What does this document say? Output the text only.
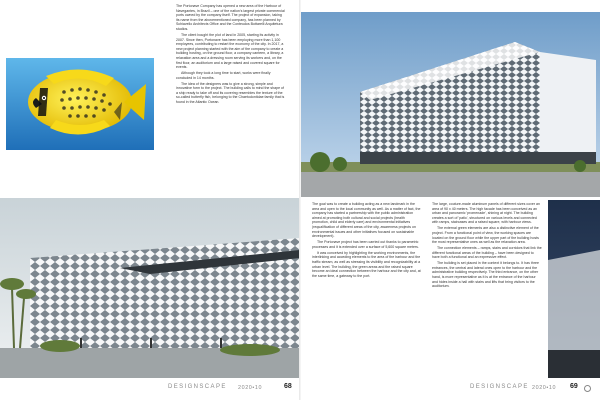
The Portonave Company has opened a new area of the Harbour of Navegantes, in Brazil – one of the nation's largest private commercial ports owned by the company itself. The project of expansion, taking its name from the abovementioned company, has been planned by Schiavello Architects Office and the Conteudos Bottarelli Arquitetura studios.

The client bought the plot of land in 2005, starting its activity in 2007. Since then, Portonave has been employing more than 1,100 employees, contributing to restart the economy of the city. In 2017, a new project planning started with the aim of the company to create a building hosting, on the ground floor, a company canteen, a library, a relaxation area and a dressing room serving its workers and, on the first floor, an auditorium and a large raised and covered square for events.

Although they took a long time to start, works were finally concluded in 14 months.

The idea of the designers was to give a strong, simple and innovative form to the project. The building calls to mind the shape of a ship ready to take off and its covering resembles the texture of the so-called butterfly fish, belonging to the Chaetodontidae family that is found in the Atlantic Ocean.

The goal was to create a building acting as a new landmark in the area and open to the local community as well. As a matter of fact, the company has started a partnership with the public administration aimed at promoting both cultural and social projects (health promotion, child and elderly care) and environmental initiatives (requalification of different areas of the city, awareness projects on environmental issues and other initiatives focused on sustainable development).

The Portonave project has been carried out thanks to parametric processes and it is extended over a surface of 5,600 square meters.

It was conceived by highlighting the working environments, the interlinking and acceding elements to the area of the harbour and the traffic stream, as well as stressing its visibility and recognizability at a urban level. The building, the green areas and the raised square become an ideal connection between the harbour and the city and, at the same time, a gateway to the port.

The large, couture-made aluminum panels of different sizes cover an area of 90 x 40 meters. The high facade has been conceived as an urban and panoramic 'promenade', shining at night. The building creates a sort of 'patio', structured on various levels and connected with ramps, staircases and a raised square, with harbour views.

The external green elements are also a distinctive element of the project. From a functional point of view, the working spaces are located on the ground floor while the upper part of the building hosts the most representative ones as well as the relaxation area.

The connection elements – ramps, stairs and corridors that link the different functional areas of the building – have been designed to have both a functional and an expressive effect.

The building is set placed in the context it belongs to. It has three entrances, the central and lateral ones open to the harbour and the administrative building respectively. The third entrance, on the other hand, is more representative as it is at the entrance of the harbour and hides inside a hall with stairs and lifts that bring visitors to the auditorium.

DESIGNSCAPE 2020•10	68	DESIGNSCAPE 2020•10 69
